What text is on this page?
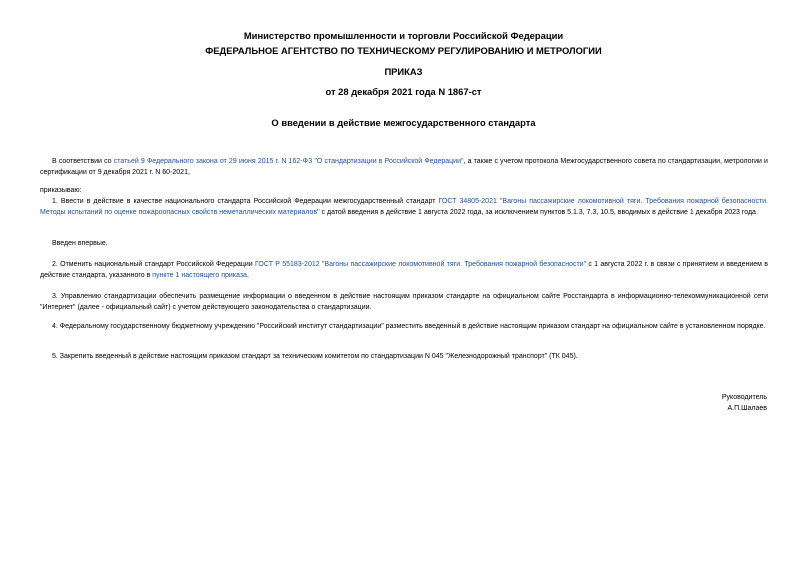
Министерство промышленности и торговли Российской Федерации
ФЕДЕРАЛЬНОЕ АГЕНТСТВО ПО ТЕХНИЧЕСКОМУ РЕГУЛИРОВАНИЮ И МЕТРОЛОГИИ
ПРИКАЗ
от 28 декабря 2021 года N 1867-ст
О введении в действие межгосударственного стандарта
В соответствии со статьей 9 Федерального закона от 29 июня 2015 г. N 162-ФЗ "О стандартизации в Российской Федерации", а также с учетом протокола Межгосударственного совета по стандартизации, метрологии и сертификации от 9 декабря 2021 г. N 60-2021,
приказываю:
1. Ввести в действие в качестве национального стандарта Российской Федерации межгосударственный стандарт ГОСТ 34805-2021 "Вагоны пассажирские локомотивной тяги. Требования пожарной безопасности. Методы испытаний по оценке пожароопасных свойств неметаллических материалов" с датой введения в действие 1 августа 2022 года, за исключением пунктов 5.1.3, 7.3, 10.5, вводимых в действие 1 декабря 2023 года.
Введен впервые.
2. Отменить национальный стандарт Российской Федерации ГОСТ Р 55183-2012 "Вагоны пассажирские локомотивной тяги. Требования пожарной безопасности" с 1 августа 2022 г. в связи с принятием и введением в действие стандарта, указанного в пункте 1 настоящего приказа.
3. Управлению стандартизации обеспечить размещение информации о введенном в действие настоящим приказом стандарте на официальном сайте Росстандарта в информационно-телекоммуникационной сети "Интернет" (далее - официальный сайт) с учетом действующего законодательства о стандартизации.
4. Федеральному государственному бюджетному учреждению "Российский институт стандартизации" разместить введенный в действие настоящим приказом стандарт на официальном сайте в установленном порядке.
5. Закрепить введенный в действие настоящим приказом стандарт за техническим комитетом по стандартизации N 045 "Железнодорожный транспорт" (ТК 045).
Руководитель
А.П.Шалаев
